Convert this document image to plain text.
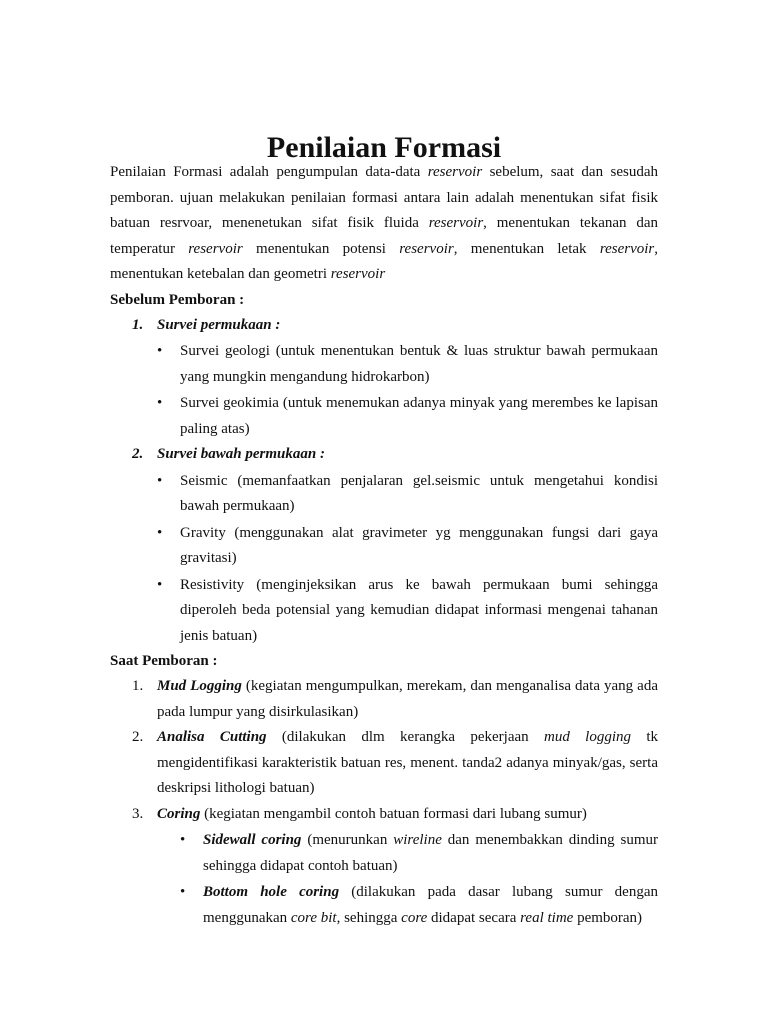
Penilaian Formasi

Penilaian Formasi adalah pengumpulan data-data reservoir sebelum, saat dan sesudah pemboran. ujuan melakukan penilaian formasi antara lain adalah menentukan sifat fisik batuan resrvoar, menenetukan sifat fisik fluida reservoir, menentukan tekanan dan temperatur reservoir menentukan potensi reservoir, menentukan letak reservoir, menentukan ketebalan dan geometri reservoir

Sebelum Pemboran :
1. Survei permukaan :
• Survei geologi (untuk menentukan bentuk & luas struktur bawah permukaan yang mungkin mengandung hidrokarbon)
• Survei geokimia (untuk menemukan adanya minyak yang merembes ke lapisan paling atas)
2. Survei bawah permukaan :
• Seismic (memanfaatkan penjalaran gel.seismic untuk mengetahui kondisi bawah permukaan)
• Gravity (menggunakan alat gravimeter yg menggunakan fungsi dari gaya gravitasi)
• Resistivity (menginjeksikan arus ke bawah permukaan bumi sehingga diperoleh beda potensial yang kemudian didapat informasi mengenai tahanan jenis batuan)
Saat Pemboran :
1. Mud Logging (kegiatan mengumpulkan, merekam, dan menganalisa data yang ada pada lumpur yang disirkulasikan)
2. Analisa Cutting (dilakukan dlm kerangka pekerjaan mud logging tk mengidentifikasi karakteristik batuan res, menent. tanda2 adanya minyak/gas, serta deskripsi lithologi batuan)
3. Coring (kegiatan mengambil contoh batuan formasi dari lubang sumur)
• Sidewall coring (menurunkan wireline dan menembakkan dinding sumur sehingga didapat contoh batuan)
• Bottom hole coring (dilakukan pada dasar lubang sumur dengan menggunakan core bit, sehingga core didapat secara real time pemboran)
